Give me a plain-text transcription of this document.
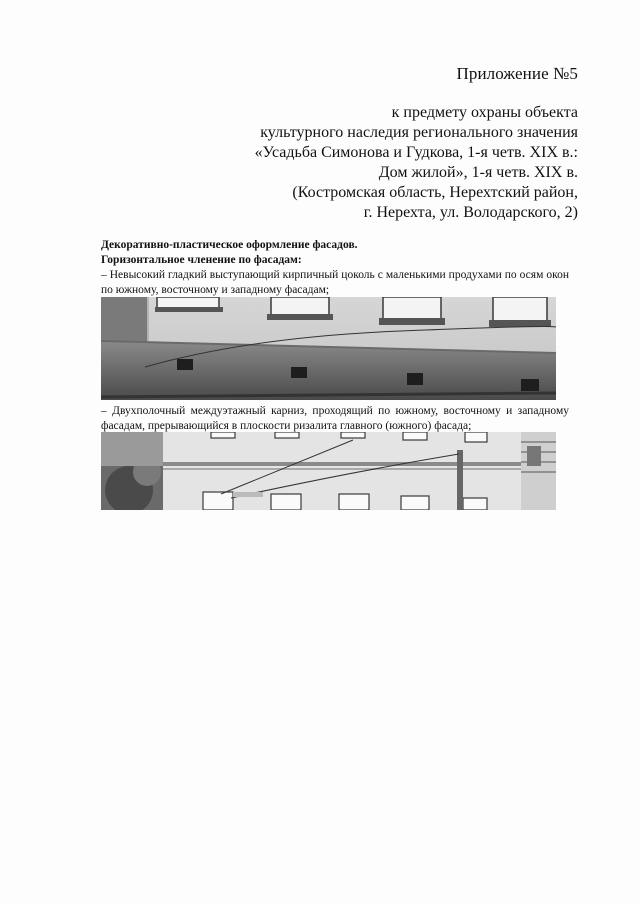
Приложение №5
к предмету охраны объекта
культурного наследия регионального значения
«Усадьба Симонова и Гудкова, 1-я четв. XIX в.:
Дом жилой», 1-я четв. XIX в.
(Костромская область, Нерехтский район,
г. Нерехта, ул. Володарского, 2)
Декоративно-пластическое оформление фасадов.
Горизонтальное членение по фасадам:
– Невысокий гладкий выступающий кирпичный цоколь с маленькими продухами по осям окон по южному, восточному и западному фасадам;
– Двухполочный междуэтажный карниз, проходящий по южному, восточному и западному фасадам, прерывающийся в плоскости ризалита главного (южного) фасада;
